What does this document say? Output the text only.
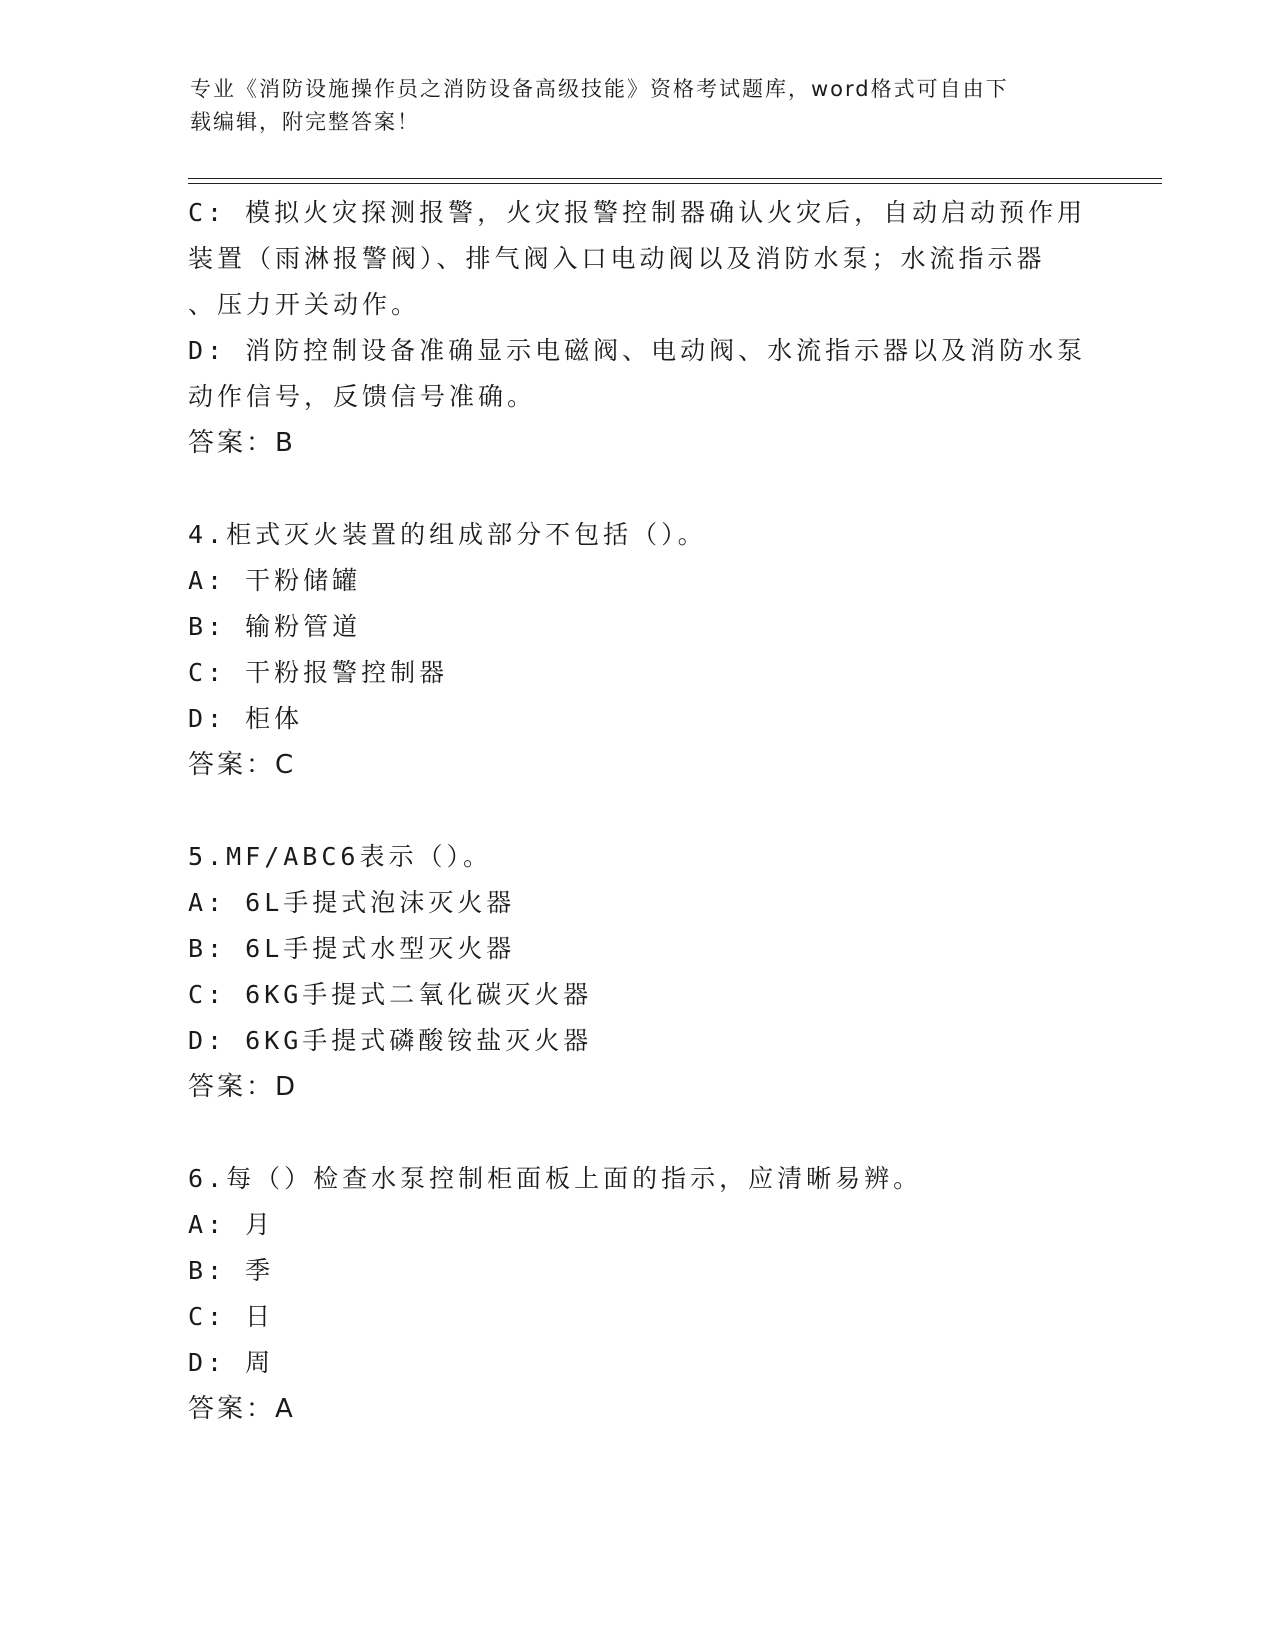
专业《消防设施操作员之消防设备高级技能》资格考试题库，word格式可自由下
载编辑，附完整答案！
C: 模拟火灾探测报警，火灾报警控制器确认火灾后，自动启动预作用
装置（雨淋报警阀）、排气阀入口电动阀以及消防水泵；水流指示器
、压力开关动作。
D: 消防控制设备准确显示电磁阀、电动阀、水流指示器以及消防水泵
动作信号，反馈信号准确。
答案：B
4.柜式灭火装置的组成部分不包括（）。
A: 干粉储罐
B: 输粉管道
C: 干粉报警控制器
D: 柜体
答案：C
5.MF/ABC6表示（）。
A: 6L手提式泡沫灭火器
B: 6L手提式水型灭火器
C: 6KG手提式二氧化碳灭火器
D: 6KG手提式磷酸铵盐灭火器
答案：D
6.每（）检查水泵控制柜面板上面的指示，应清晰易辨。
A: 月
B: 季
C: 日
D: 周
答案：A
